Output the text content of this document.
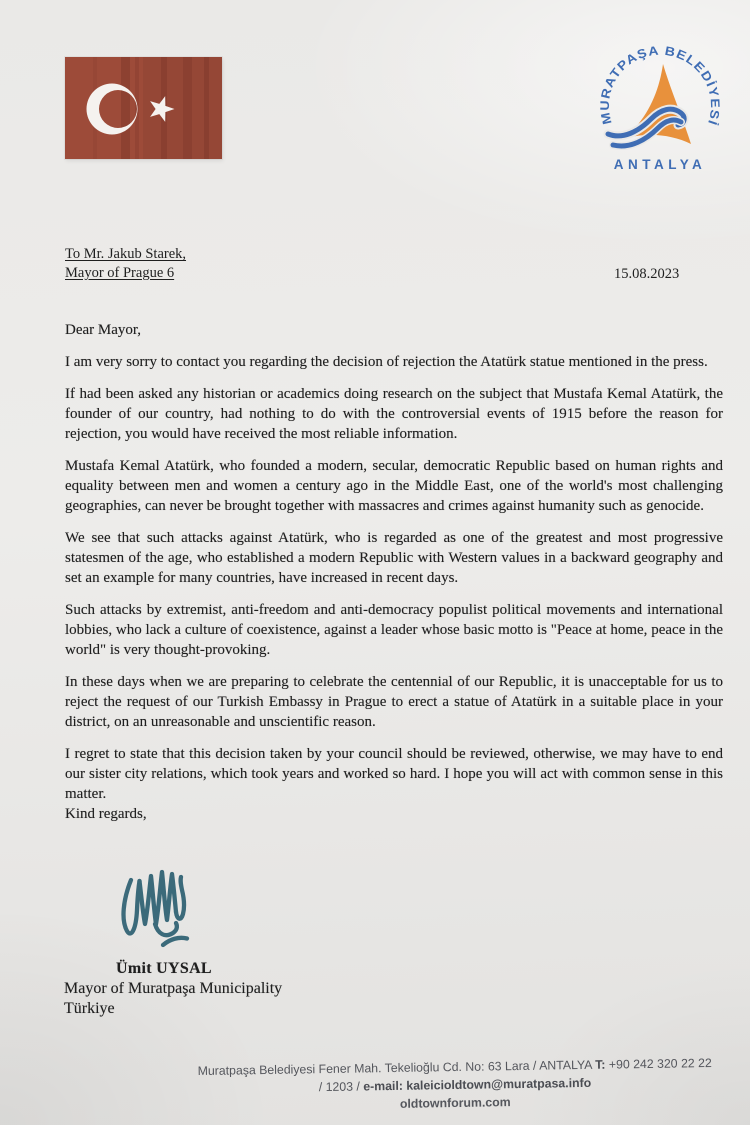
MURATPAŞA BELEDİYESİ
ANTALYA
To Mr. Jakub Starek,
Mayor of Prague 6	15.08.2023

Dear Mayor,

I am very sorry to contact you regarding the decision of rejection the Atatürk statue mentioned in the press.

If had been asked any historian or academics doing research on the subject that Mustafa Kemal Atatürk, the founder of our country, had nothing to do with the controversial events of 1915 before the reason for rejection, you would have received the most reliable information.

Mustafa Kemal Atatürk, who founded a modern, secular, democratic Republic based on human rights and equality between men and women a century ago in the Middle East, one of the world's most challenging geographies, can never be brought together with massacres and crimes against humanity such as genocide.

We see that such attacks against Atatürk, who is regarded as one of the greatest and most progressive statesmen of the age, who established a modern Republic with Western values in a backward geography and set an example for many countries, have increased in recent days.

Such attacks by extremist, anti-freedom and anti-democracy populist political movements and international lobbies, who lack a culture of coexistence, against a leader whose basic motto is "Peace at home, peace in the world" is very thought-provoking.

In these days when we are preparing to celebrate the centennial of our Republic, it is unacceptable for us to reject the request of our Turkish Embassy in Prague to erect a statue of Atatürk in a suitable place in your district, on an unreasonable and unscientific reason.

I regret to state that this decision taken by your council should be reviewed, otherwise, we may have to end our sister city relations, which took years and worked so hard. I hope you will act with common sense in this matter.

Kind regards,

Ümit UYSAL
Mayor of Muratpaşa Municipality
Türkiye
Muratpaşa Belediyesi Fener Mah. Tekelioğlu Cd. No: 63 Lara / ANTALYA T: +90 242 320 22 22
/ 1203 / e-mail: kaleicioldtown@muratpasa.info
oldtownforum.com
